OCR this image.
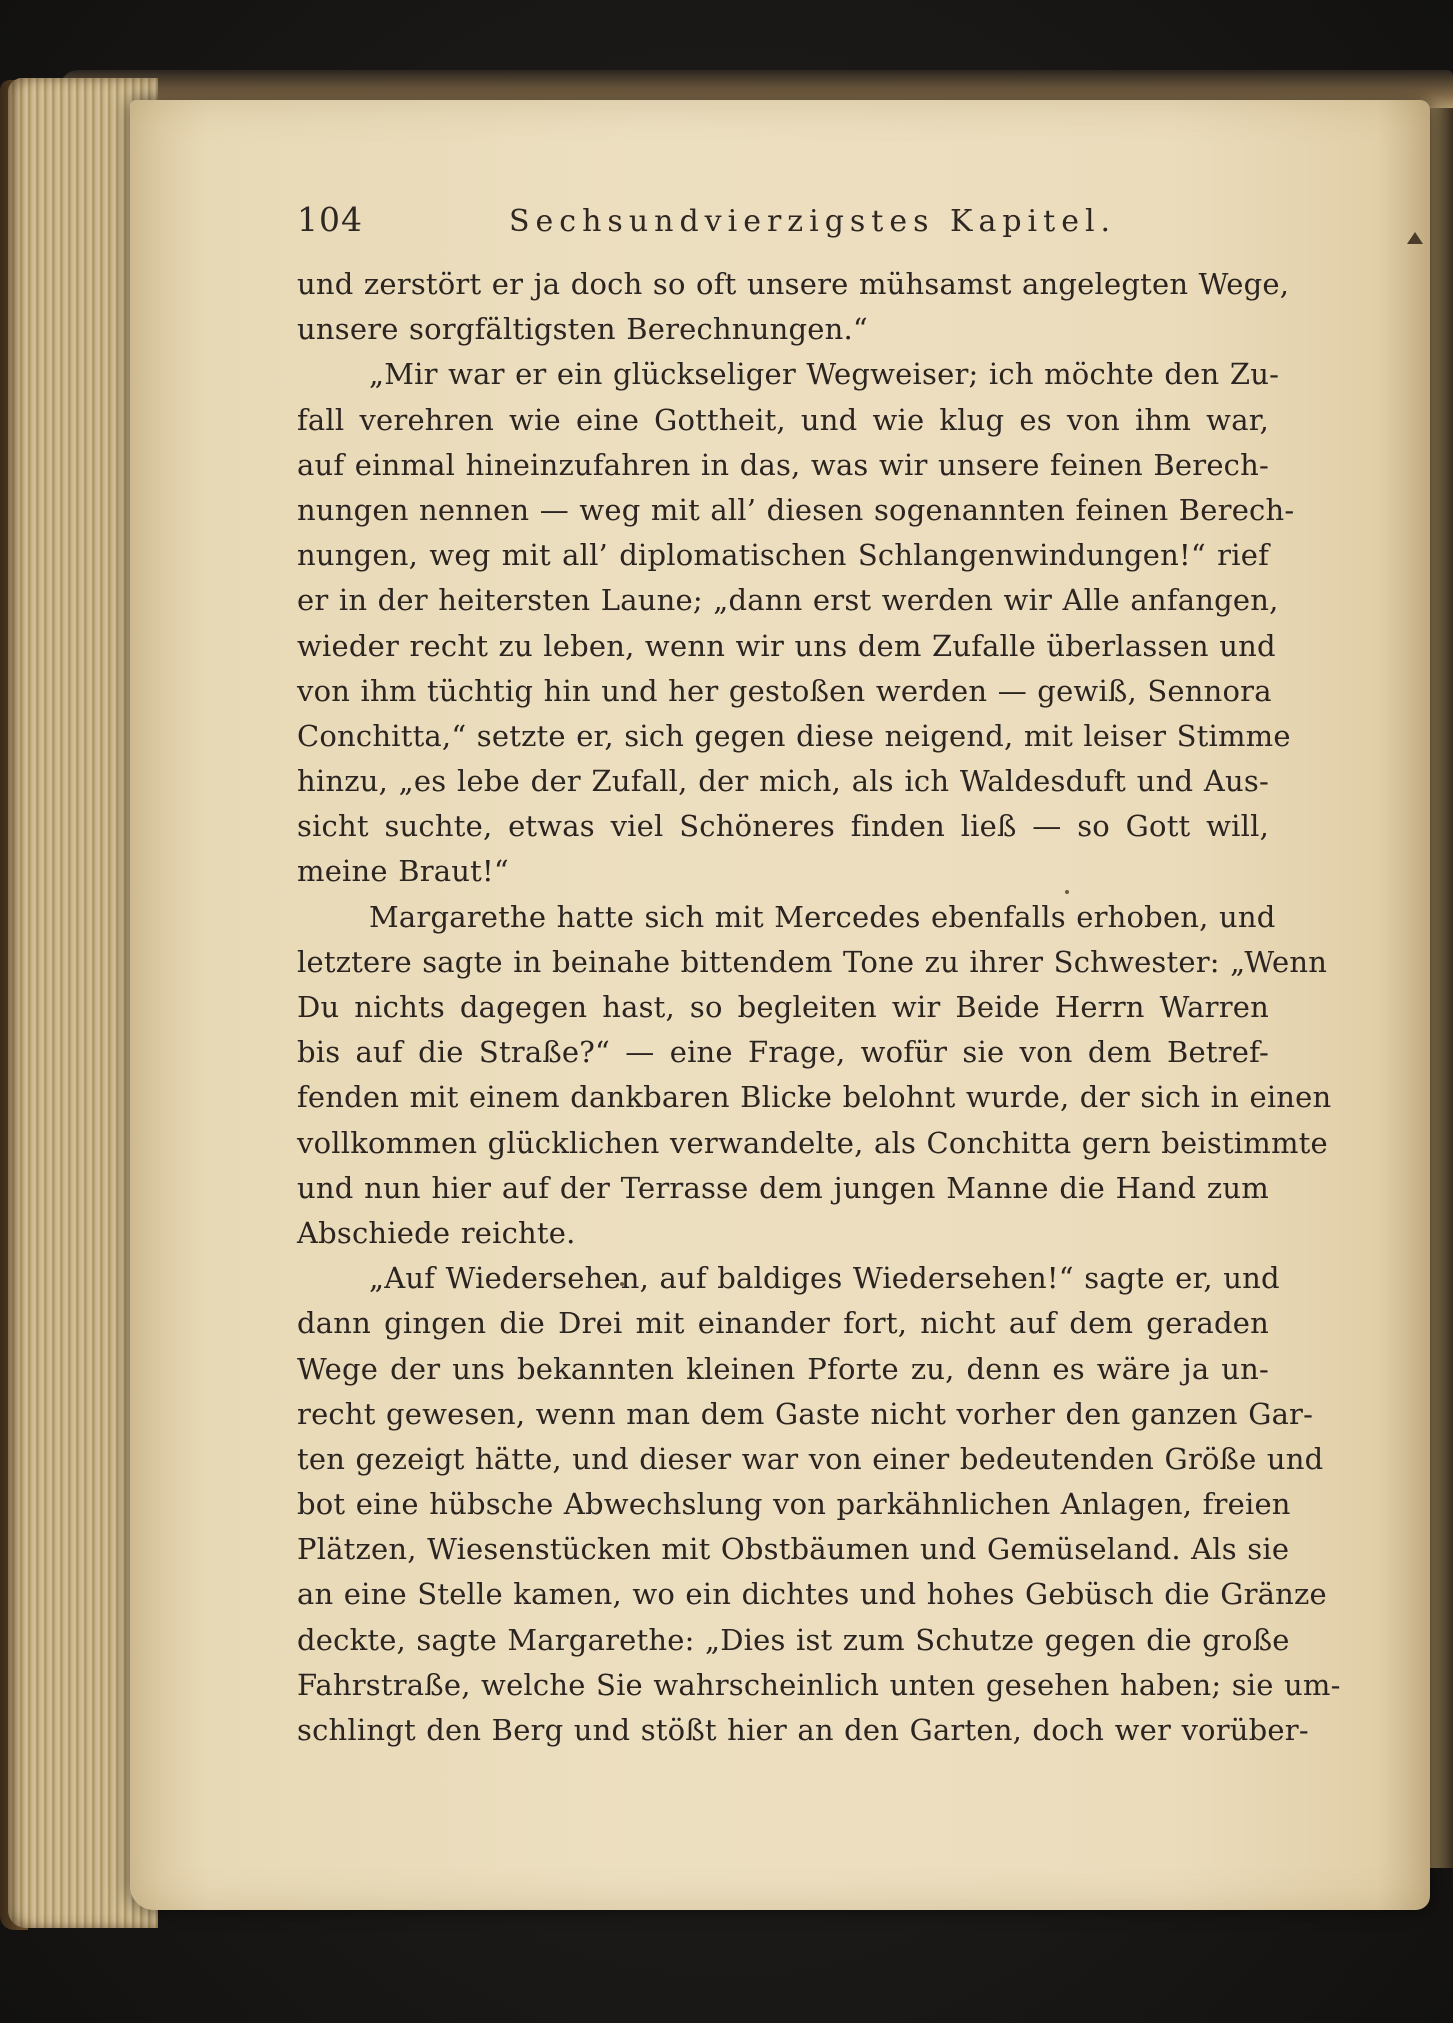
104	Sechsundvierzigstes Kapitel.
und zerstört er ja doch so oft unsere mühsamst angelegten Wege,
unsere sorgfältigsten Berechnungen.“
„Mir war er ein glückseliger Wegweiser; ich möchte den Zu-
fall verehren wie eine Gottheit, und wie klug es von ihm war,
auf einmal hineinzufahren in das, was wir unsere feinen Berech-
nungen nennen — weg mit all’ diesen sogenannten feinen Berech-
nungen, weg mit all’ diplomatischen Schlangenwindungen!“ rief
er in der heitersten Laune; „dann erst werden wir Alle anfangen,
wieder recht zu leben, wenn wir uns dem Zufalle überlassen und
von ihm tüchtig hin und her gestoßen werden — gewiß, Sennora
Conchitta,“ setzte er, sich gegen diese neigend, mit leiser Stimme
hinzu, „es lebe der Zufall, der mich, als ich Waldesduft und Aus-
sicht suchte, etwas viel Schöneres finden ließ — so Gott will,
meine Braut!“
Margarethe hatte sich mit Mercedes ebenfalls erhoben, und
letztere sagte in beinahe bittendem Tone zu ihrer Schwester: „Wenn
Du nichts dagegen hast, so begleiten wir Beide Herrn Warren
bis auf die Straße?“ — eine Frage, wofür sie von dem Betref-
fenden mit einem dankbaren Blicke belohnt wurde, der sich in einen
vollkommen glücklichen verwandelte, als Conchitta gern beistimmte
und nun hier auf der Terrasse dem jungen Manne die Hand zum
Abschiede reichte.
„Auf Wiedersehen, auf baldiges Wiedersehen!“ sagte er, und
dann gingen die Drei mit einander fort, nicht auf dem geraden
Wege der uns bekannten kleinen Pforte zu, denn es wäre ja un-
recht gewesen, wenn man dem Gaste nicht vorher den ganzen Gar-
ten gezeigt hätte, und dieser war von einer bedeutenden Größe und
bot eine hübsche Abwechslung von parkähnlichen Anlagen, freien
Plätzen, Wiesenstücken mit Obstbäumen und Gemüseland. Als sie
an eine Stelle kamen, wo ein dichtes und hohes Gebüsch die Gränze
deckte, sagte Margarethe: „Dies ist zum Schutze gegen die große
Fahrstraße, welche Sie wahrscheinlich unten gesehen haben; sie um-
schlingt den Berg und stößt hier an den Garten, doch wer vorüber-
